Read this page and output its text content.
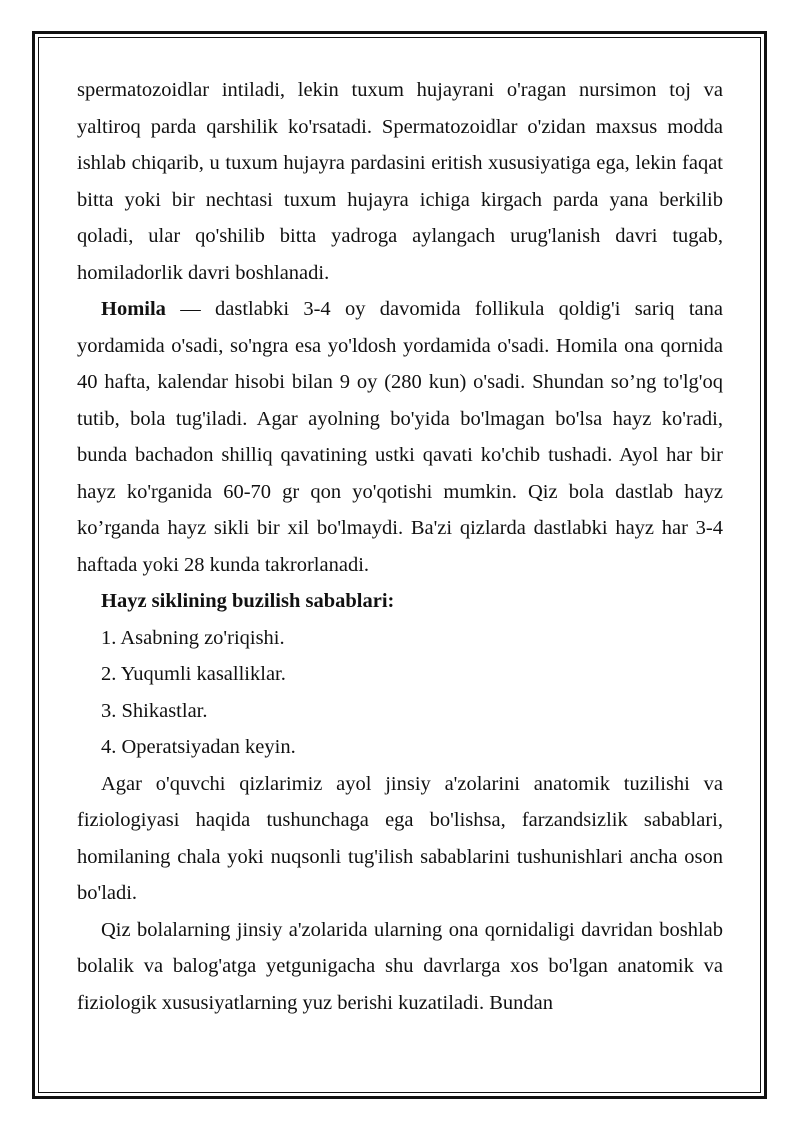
spermatozoidlar intiladi, lekin tuxum hujayrani o'ragan nursimon toj va yaltiroq parda qarshilik ko'rsatadi. Spermatozoidlar o'zidan maxsus modda ishlab chiqarib, u tuxum hujayra pardasini eritish xususiyatiga ega, lekin faqat bitta yoki bir nechtasi tuxum hujayra ichiga kirgach parda yana berkilib qoladi, ular qo'shilib bitta yadroga aylangach urug'lanish davri tugab, homiladorlik davri boshlanadi.

Homila — dastlabki 3-4 oy davomida follikula qoldig'i sariq tana yordamida o'sadi, so'ngra esa yo'ldosh yordamida o'sadi. Homila ona qornida 40 hafta, kalendar hisobi bilan 9 oy (280 kun) o'sadi. Shundan so’ng to'lg'oq tutib, bola tug'iladi. Agar ayolning bo'yida bo'lmagan bo'lsa hayz ko'radi, bunda bachadon shilliq qavatining ustki qavati ko'chib tushadi. Ayol har bir hayz ko'rganida 60-70 gr qon yo'qotishi mumkin. Qiz bola dastlab hayz ko’rganda hayz sikli bir xil bo'lmaydi. Ba'zi qizlarda dastlabki hayz har 3-4 haftada yoki 28 kunda takrorlanadi.

Hayz siklining buzilish sabablari:

1. Asabning zo'riqishi.

2. Yuqumli kasalliklar.

3. Shikastlar.

4. Operatsiyadan keyin.

Agar o'quvchi qizlarimiz ayol jinsiy a'zolarini anatomik tuzilishi va fiziologiyasi haqida tushunchaga ega bo'lishsa, farzandsizlik sabablari, homilaning chala yoki nuqsonli tug'ilish sabablarini tushunishlari ancha oson bo'ladi.

Qiz bolalarning jinsiy a'zolarida ularning ona qornidaligi davridan boshlab bolalik va balog'atga yetgunigacha shu davrlarga xos bo'lgan anatomik va fiziologik xususiyatlarning yuz berishi kuzatiladi. Bundan
